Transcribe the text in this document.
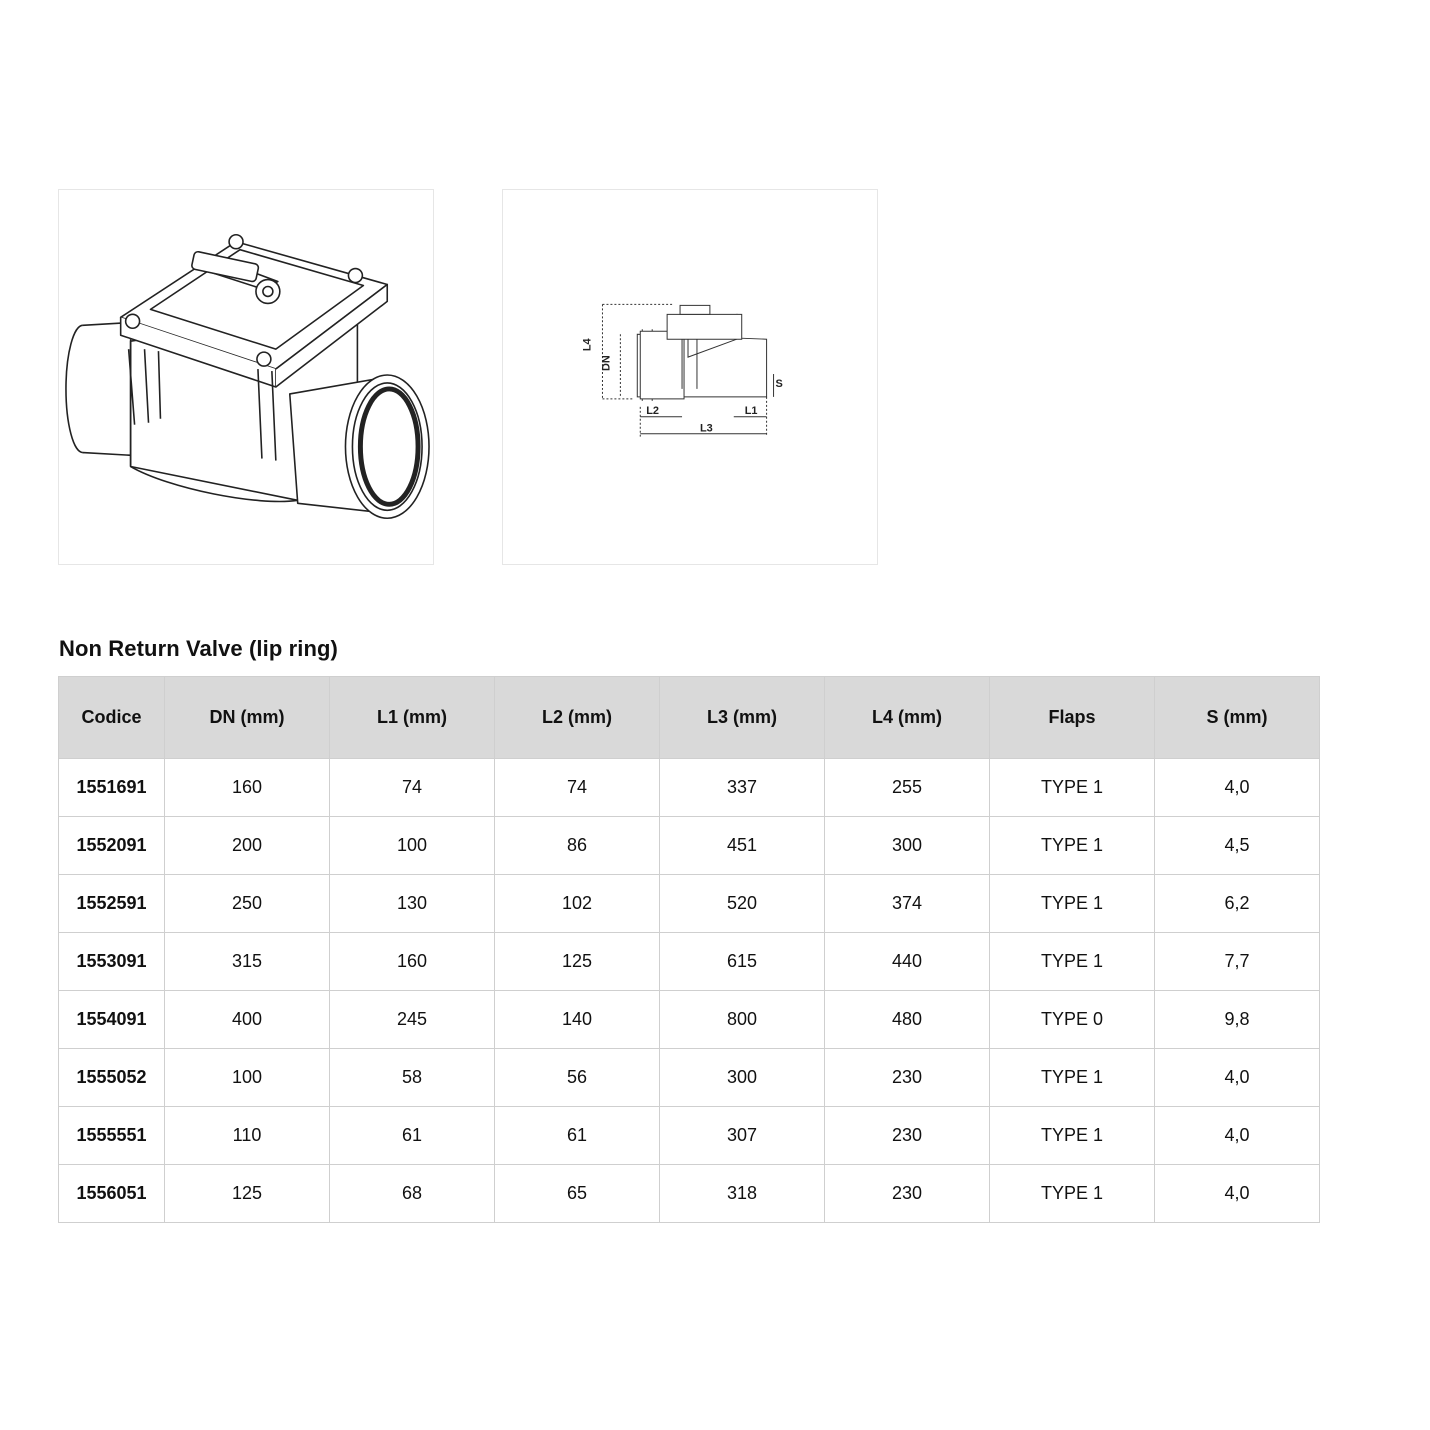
L4
DN
S
L2	L1
L3
Non Return Valve (lip ring)
Codice	DN (mm)	L1 (mm)	L2 (mm)	L3 (mm)	L4 (mm)	Flaps	S (mm)
1551691	160	74	74	337	255	TYPE 1	4,0
1552091	200	100	86	451	300	TYPE 1	4,5
1552591	250	130	102	520	374	TYPE 1	6,2
1553091	315	160	125	615	440	TYPE 1	7,7
1554091	400	245	140	800	480	TYPE 0	9,8
1555052	100	58	56	300	230	TYPE 1	4,0
1555551	110	61	61	307	230	TYPE 1	4,0
1556051	125	68	65	318	230	TYPE 1	4,0
